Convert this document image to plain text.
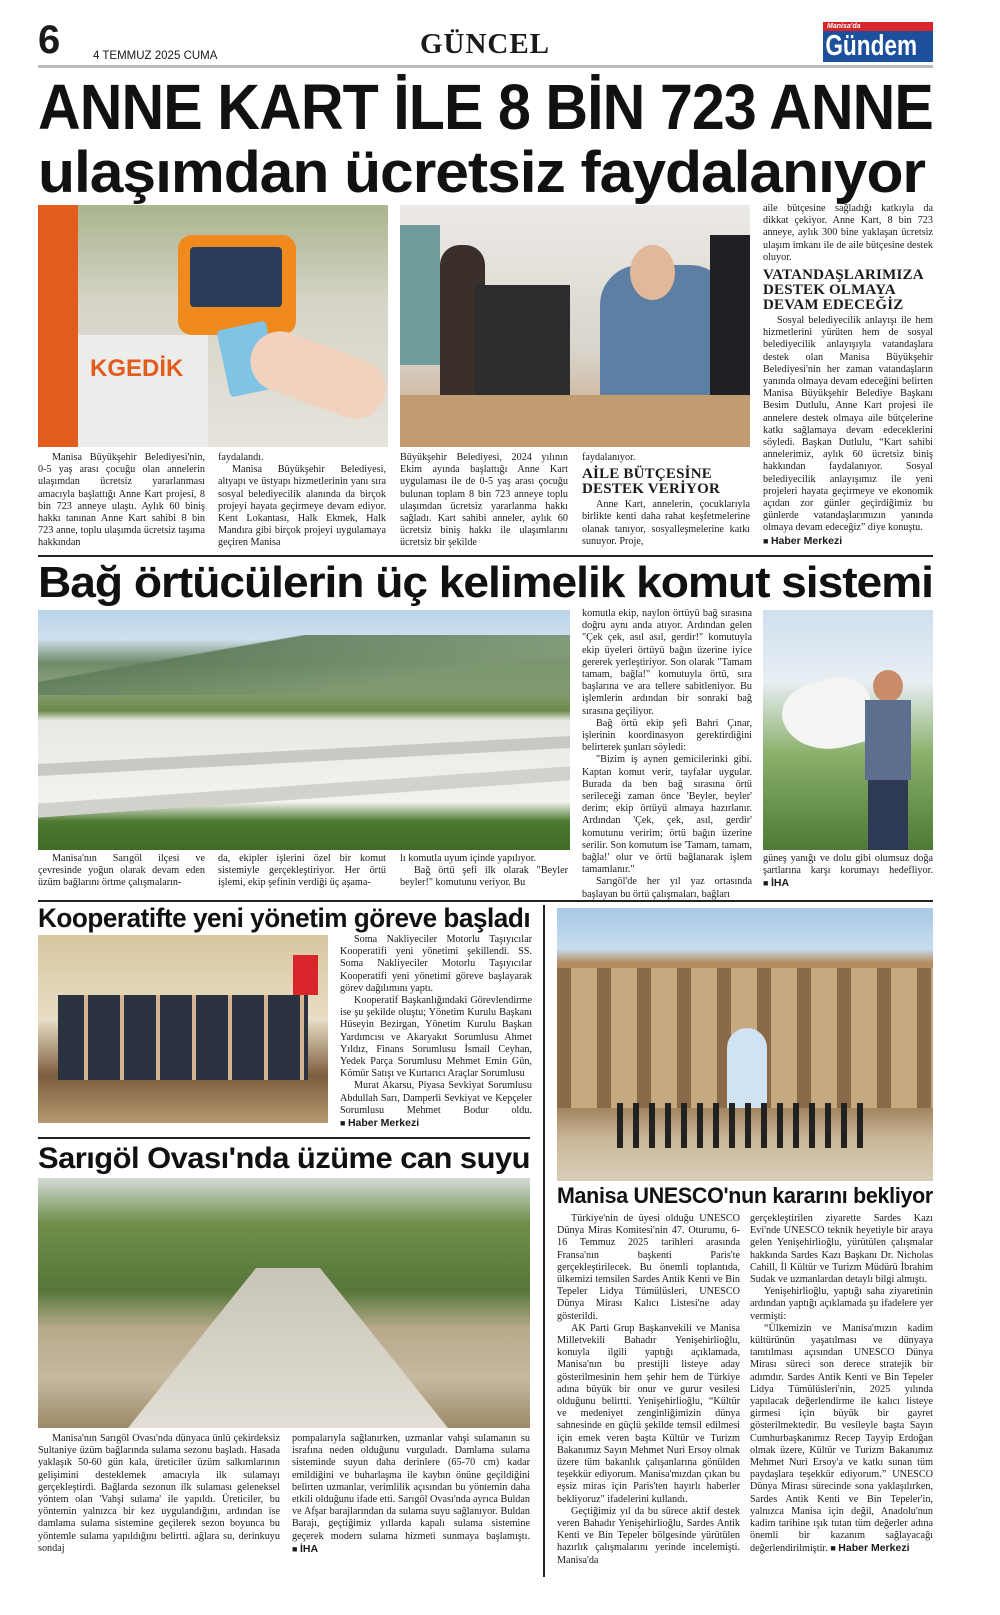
6	4 TEMMUZ 2025 CUMA	GÜNCEL
Manisa'da
Gündem
ANNE KART İLE 8 BİN 723 ANNE
ulaşımdan ücretsiz faydalanıyor
KGEDİK

Manisa Büyükşehir Belediyesi'nin, 0-5 yaş arası çocuğu olan annelerin ulaşımdan ücretsiz yararlanması amacıyla başlattığı Anne Kart projesi, 8 bin 723 anneye ulaştı. Aylık 60 biniş hakkı tanınan Anne Kart sahibi 8 bin 723 anne, toplu ulaşımda ücretsiz taşıma hakkından

faydalandı.

Manisa Büyükşehir Belediyesi, altyapı ve üstyapı hizmetlerinin yanı sıra sosyal belediyecilik alanında da birçok projeyi hayata geçirmeye devam ediyor. Kent Lokantası, Halk Ekmek, Halk Mandıra gibi birçok projeyi uygulamaya geçiren Manisa

Büyükşehir Belediyesi, 2024 yılının Ekim ayında başlattığı Anne Kart uygulaması ile de 0-5 yaş arası çocuğu bulunan toplam 8 bin 723 anneye toplu ulaşımdan ücretsiz yararlanma hakkı sağladı. Kart sahibi anneler, aylık 60 ücretsiz biniş hakkı ile ulaşımlarını ücretsiz bir şekilde

faydalanıyor.

AİLE BÜTÇESİNE DESTEK VERİYOR

Anne Kart, annelerin, çocuklarıyla birlikte kenti daha rahat keşfetmelerine olanak tanıyor, sosyalleşmelerine katkı sunuyor. Proje,

aile bütçesine sağladığı katkıyla da dikkat çekiyor. Anne Kart, 8 bin 723 anneye, aylık 300 bine yaklaşan ücretsiz ulaşım imkanı ile de aile bütçesine destek oluyor.

VATANDAŞLARIMIZA DESTEK OLMAYA DEVAM EDECEĞİZ

Sosyal belediyecilik anlayışı ile hem hizmetlerini yürüten hem de sosyal belediyecilik anlayışıyla vatandaşlara destek olan Manisa Büyükşehir Belediyesi'nin her zaman vatandaşların yanında olmaya devam edeceğini belirten Manisa Büyükşehir Belediye Başkanı Besim Dutlulu, Anne Kart projesi ile annelere destek olmaya aile bütçelerine katkı sağlamaya devam edeceklerini söyledi. Başkan Dutlulu, “Kart sahibi annelerimiz, aylık 60 ücretsiz biniş hakkından faydalanıyor. Sosyal belediyecilik anlayışımız ile yeni projeleri hayata geçirmeye ve ekonomik açıdan zor günler geçirdiğimiz bu günlerde vatandaşlarımızın yanında olmaya devam edeceğiz” diye konuştu.

■ Haber Merkezi
Bağ örtücülerin üç kelimelik komut sistemi

Manisa'nın Sarıgöl ilçesi ve çevresinde yoğun olarak devam eden üzüm bağlarını örtme çalışmaların-

da, ekipler işlerini özel bir komut sistemiyle gerçekleştiriyor. Her örtü işlemi, ekip şefinin verdiği üç aşama-

lı komutla uyum içinde yapılıyor.

Bağ örtü şefi ilk olarak "Beyler beyler!" komutunu veriyor. Bu

komutla ekip, naylon örtüyü bağ sırasına doğru aynı anda atıyor. Ardından gelen "Çek çek, asıl asıl, gerdir!" komutuyla ekip üyeleri örtüyü bağın üzerine iyice gererek yerleştiriyor. Son olarak "Tamam tamam, bağla!" komutuyla örtü, sıra başlarına ve ara tellere sabitleniyor. Bu işlemlerin ardından bir sonraki bağ sırasına geçiliyor.

Bağ örtü ekip şefi Bahri Çınar, işlerinin koordinasyon gerektirdiğini belirterek şunları söyledi:

"Bizim iş aynen gemicilerinki gibi. Kaptan komut verir, tayfalar uygular. Burada da ben bağ sırasına örtü serileceği zaman önce 'Beyler, beyler' derim; ekip örtüyü almaya hazırlanır. Ardından 'Çek, çek, asıl, gerdir' komutunu veririm; örtü bağın üzerine serilir. Son komutum ise 'Tamam, tamam, bağla!' olur ve örtü bağlanarak işlem tamamlanır."

Sarıgöl'de her yıl yaz ortasında başlayan bu örtü çalışmaları, bağları

güneş yanığı ve dolu gibi olumsuz doğa şartlarına karşı korumayı hedefliyor. ■ İHA

Kooperatifte yeni yönetim göreve başladı

Soma Nakliyeciler Motorlu Taşıyıcılar Kooperatifi yeni yönetimi şekillendi. SS. Soma Nakliyeciler Motorlu Taşıyıcılar Kooperatifi yeni yönetimi göreve başlayarak görev dağılımını yaptı.

Kooperatif Başkanlığındaki Görevlendirme ise şu şekilde oluştu; Yönetim Kurulu Başkanı Hüseyin Bezirgan, Yönetim Kurulu Başkan Yardımcısı ve Akaryakıt Sorumlusu Ahmet Yıldız, Finans Sorumlusu İsmail Ceyhan, Yedek Parça Sorumlusu Mehmet Emin Gün, Kömür Satışı ve Kurtarıcı Araçlar Sorumlusu

Murat Akarsu, Piyasa Sevkiyat Sorumlusu Abdullah Sarı, Damperli Sevkiyat ve Kepçeler Sorumlusu Mehmet Bodur oldu. ■ Haber Merkezi

Sarıgöl Ovası'nda üzüme can suyu

Manisa'nın Sarıgöl Ovası'nda dünyaca ünlü çekirdeksiz Sultaniye üzüm bağlarında sulama sezonu başladı. Hasada yaklaşık 50-60 gün kala, üreticiler üzüm salkımlarının gelişimini desteklemek amacıyla ilk sulamayı gerçekleştirdi. Bağlarda sezonun ilk sulaması geleneksel yöntem olan 'Vahşi sulama' ile yapıldı. Üreticiler, bu yöntemin yalnızca bir kez uygulandığını, ardından ise damlama sulama sistemine geçilerek sezon boyunca bu yöntemle sulama yapıldığını belirtti. ağlara su, derinkuyu sondaj

pompalarıyla sağlanırken, uzmanlar vahşi sulamanın su israfına neden olduğunu vurguladı. Damlama sulama sisteminde suyun daha derinlere (65-70 cm) kadar emildiğini ve buharlaşma ile kaybın önüne geçildiğini belirten uzmanlar, verimlilik açısından bu yöntemin daha etkili olduğunu ifade etti. Sarıgöl Ovası'nda ayrıca Buldan ve Afşar barajlarından da sulama suyu sağlanıyor. Buldan Barajı, geçtiğimiz yıllarda kapalı sulama sistemine geçerek modern sulama hizmeti sunmaya başlamıştı. ■ İHA

Manisa UNESCO'nun kararını bekliyor

Türkiye'nin de üyesi olduğu UNESCO Dünya Miras Komitesi'nin 47. Oturumu, 6-16 Temmuz 2025 tarihleri arasında Fransa'nın başkenti Paris'te gerçekleştirilecek. Bu önemli toplantıda, ülkemizi temsilen Sardes Antik Kenti ve Bin Tepeler Lidya Tümülüsleri, UNESCO Dünya Mirası Kalıcı Listesi'ne aday gösterildi.

AK Parti Grup Başkanvekili ve Manisa Milletvekili Bahadır Yenişehirlioğlu, konuyla ilgili yaptığı açıklamada, Manisa'nın bu prestijli listeye aday gösterilmesinin hem şehir hem de Türkiye adına büyük bir onur ve gurur vesilesi olduğunu belirtti. Yenişehirlioğlu, “Kültür ve medeniyet zenginliğimizin dünya sahnesinde en güçlü şekilde temsil edilmesi için emek veren başta Kültür ve Turizm Bakanımız Sayın Mehmet Nuri Ersoy olmak üzere tüm bakanlık çalışanlarına gönülden teşekkür ediyorum. Manisa'mızdan çıkan bu eşsiz miras için Paris'ten hayırlı haberler bekliyoruz" ifadelerini kullandı.

Geçtiğimiz yıl da bu sürece aktif destek veren Bahadır Yenişehirlioğlu, Sardes Antik Kenti ve Bin Tepeler bölgesinde yürütülen hazırlık çalışmalarını yerinde incelemişti. Manisa'da

gerçekleştirilen ziyarette Sardes Kazı Evi'nde UNESCO teknik heyetiyle bir araya gelen Yenişehirlioğlu, yürütülen çalışmalar hakkında Sardes Kazı Başkanı Dr. Nicholas Cahill, İl Kültür ve Turizm Müdürü İbrahim Sudak ve uzmanlardan detaylı bilgi almıştı.

Yenişehirlioğlu, yaptığı saha ziyaretinin ardından yaptığı açıklamada şu ifadelere yer vermişti:

“Ülkemizin ve Manisa'mızın kadim kültürünün yaşatılması ve dünyaya tanıtılması açısından UNESCO Dünya Mirası süreci son derece stratejik bir adımdır. Sardes Antik Kenti ve Bin Tepeler Lidya Tümülüsleri'nin, 2025 yılında yapılacak değerlendirme ile kalıcı listeye girmesi için büyük bir gayret gösterilmektedir. Bu vesileyle başta Sayın Cumhurbaşkanımız Recep Tayyip Erdoğan olmak üzere, Kültür ve Turizm Bakanımız Mehmet Nuri Ersoy'a ve katkı sunan tüm paydaşlara teşekkür ediyorum.” UNESCO Dünya Mirası sürecinde sona yaklaşılırken, Sardes Antik Kenti ve Bin Tepeler'in, yalnızca Manisa için değil, Anadolu'nun kadim tarihine ışık tutan tüm değerler adına önemli bir kazanım sağlayacağı değerlendirilmiştir. ■ Haber Merkezi
